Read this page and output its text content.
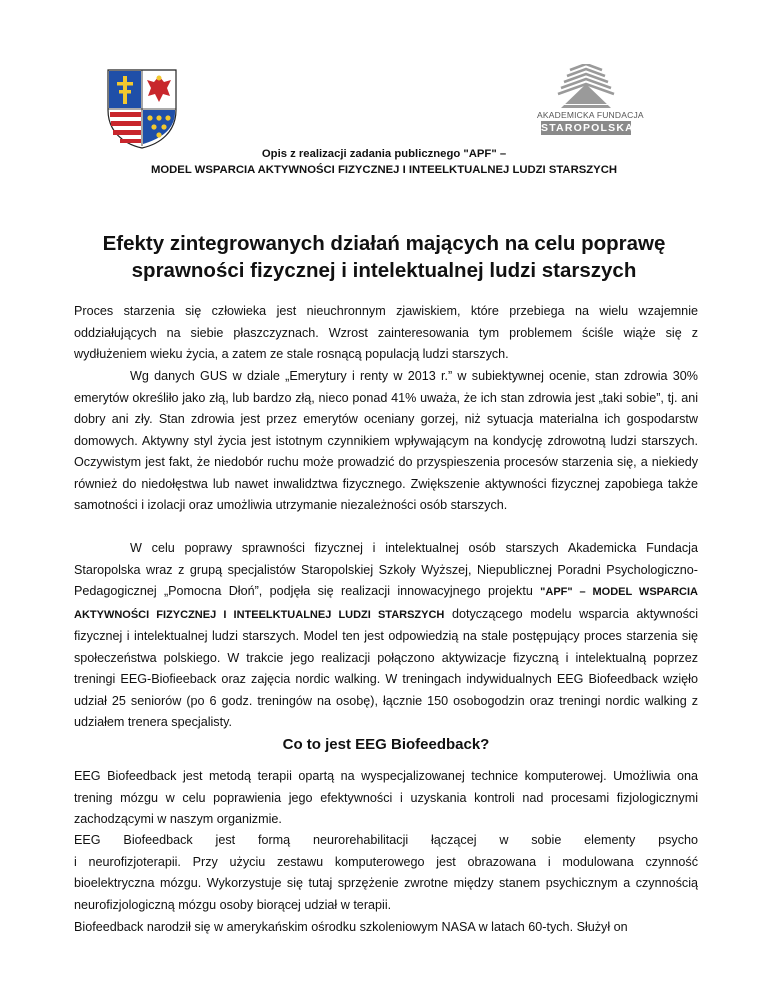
AKADEMICKA FUNDACJA
STAROPOLSKA
Opis z realizacji zadania publicznego "APF" –
MODEL WSPARCIA AKTYWNOŚCI FIZYCZNEJ I INTEELKTUALNEJ LUDZI STARSZYCH
Efekty zintegrowanych działań mających na celu poprawę
sprawności fizycznej i intelektualnej ludzi starszych
Proces starzenia się człowieka jest nieuchronnym zjawiskiem, które przebiega na wielu wzajemnie oddziałujących na siebie płaszczyznach. Wzrost zainteresowania tym problemem ściśle wiąże się z wydłużeniem wieku życia, a zatem ze stale rosnącą populacją ludzi starszych.
Wg danych GUS w dziale „Emerytury i renty w 2013 r.” w subiektywnej ocenie, stan zdrowia 30% emerytów określiło jako złą, lub bardzo złą, nieco ponad 41% uważa, że ich stan zdrowia jest „taki sobie”, tj. ani dobry ani zły. Stan zdrowia jest przez emerytów oceniany gorzej, niż sytuacja materialna ich gospodarstw domowych. Aktywny styl życia jest istotnym czynnikiem wpływającym na kondycję zdrowotną ludzi starszych. Oczywistym jest fakt, że niedobór ruchu może prowadzić do przyspieszenia procesów starzenia się, a niekiedy również do niedołęstwa lub nawet inwalidztwa fizycznego. Zwiększenie aktywności fizycznej zapobiega także samotności i izolacji oraz umożliwia utrzymanie niezależności osób starszych.
W celu poprawy sprawności fizycznej i intelektualnej osób starszych Akademicka Fundacja Staropolska wraz z grupą specjalistów Staropolskiej Szkoły Wyższej, Niepublicznej Poradni Psychologiczno-Pedagogicznej „Pomocna Dłoń”, podjęła się realizacji innowacyjnego projektu "APF" – MODEL WSPARCIA AKTYWNOŚCI FIZYCZNEJ I INTEELKTUALNEJ LUDZI STARSZYCH dotyczącego modelu wsparcia aktywności fizycznej i intelektualnej ludzi starszych. Model ten jest odpowiedzią na stale postępujący proces starzenia się społeczeństwa polskiego. W trakcie jego realizacji połączono aktywizacje fizyczną i intelektualną poprzez treningi EEG-Biofieeback oraz zajęcia nordic walking. W treningach indywidualnych EEG Biofeedback wzięło udział 25 seniorów (po 6 godz. treningów na osobę), łącznie 150 osobogodzin oraz treningi nordic walking z udziałem trenera specjalisty.
Co to jest EEG Biofeedback?
EEG Biofeedback jest metodą terapii opartą na wyspecjalizowanej technice komputerowej. Umożliwia ona trening mózgu w celu poprawienia jego efektywności i uzyskania kontroli nad procesami fizjologicznymi zachodzącymi w naszym organizmie.
EEG Biofeedback jest formą neurorehabilitacji łączącej w sobie elementy psycho
i neurofizjoterapii. Przy użyciu zestawu komputerowego jest obrazowana i modulowana czynność bioelektryczna mózgu. Wykorzystuje się tutaj sprzężenie zwrotne między stanem psychicznym a czynnością neurofizjologiczną mózgu osoby biorącej udział w terapii.
Biofeedback narodził się w amerykańskim ośrodku szkoleniowym NASA w latach 60-tych. Służył on
